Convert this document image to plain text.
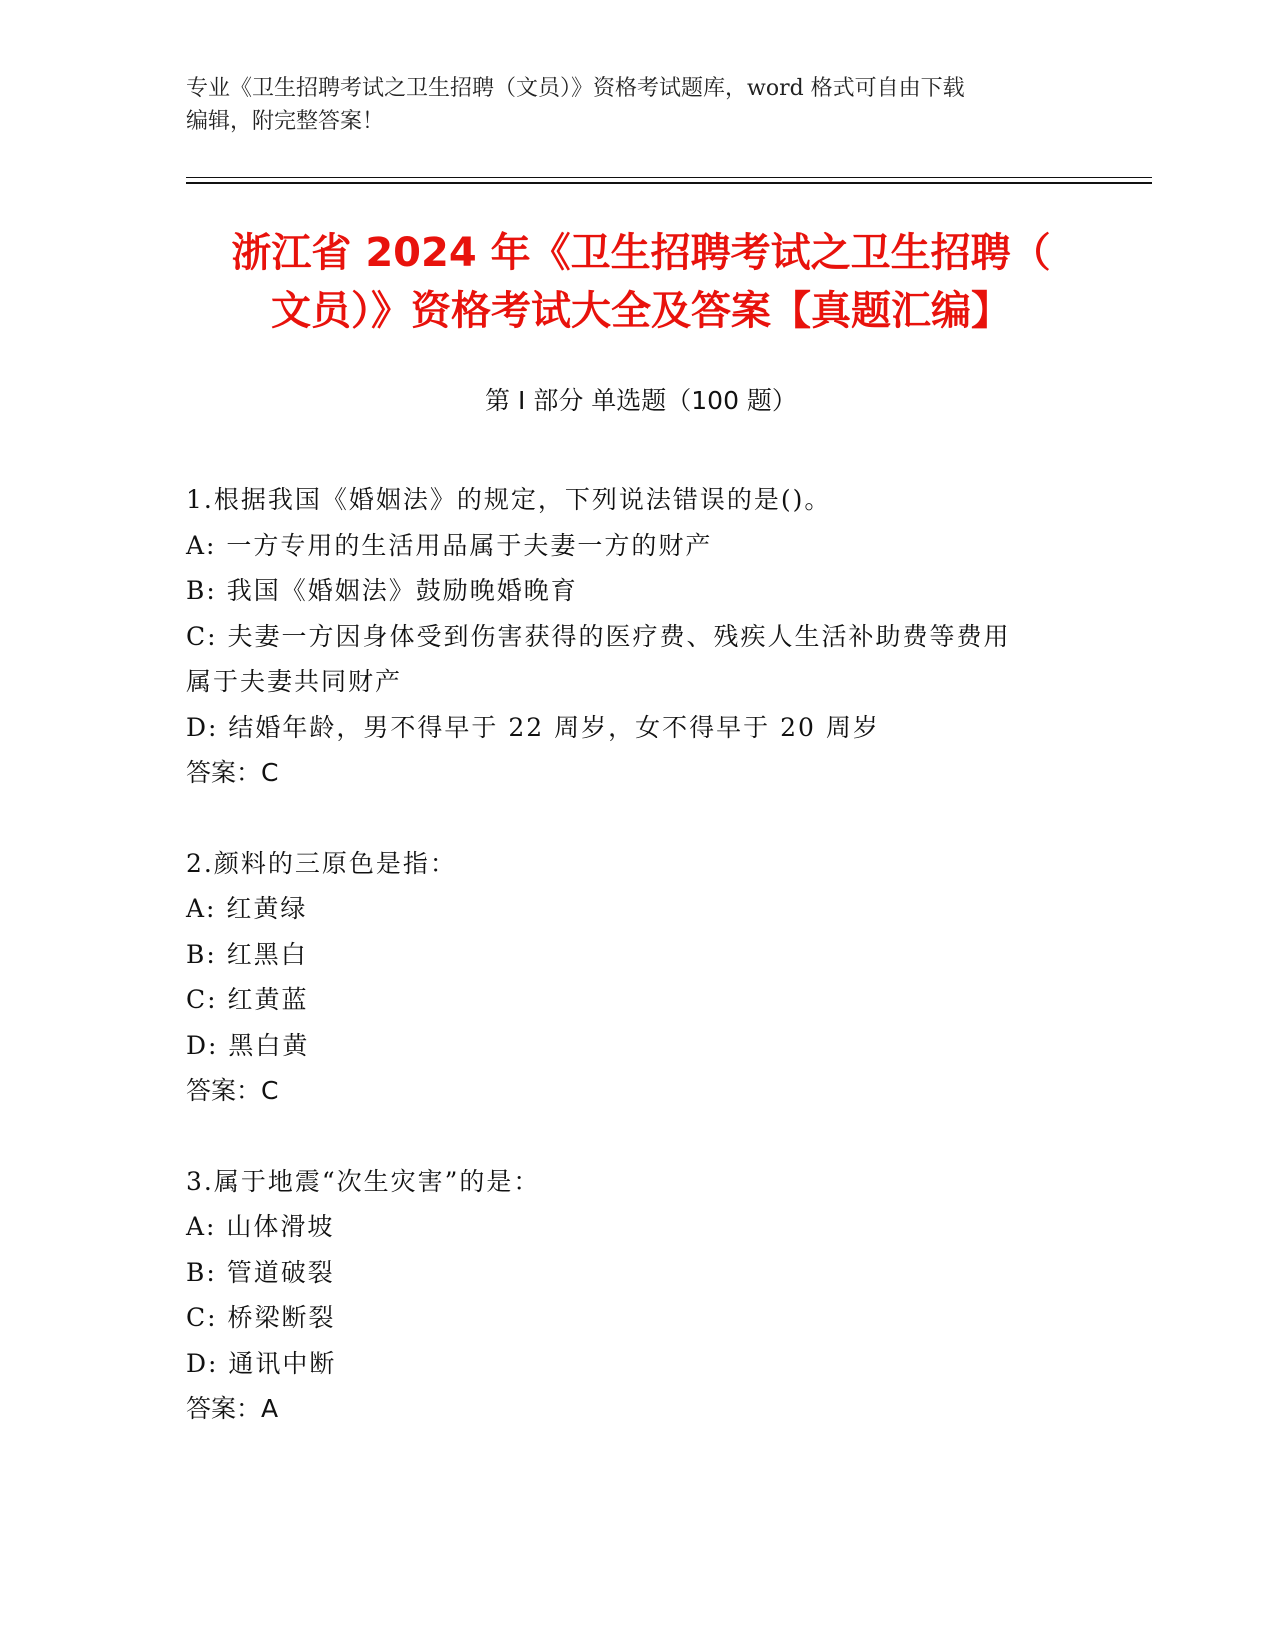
专业《卫生招聘考试之卫生招聘（文员）》资格考试题库，word 格式可自由下载
编辑，附完整答案！
浙江省 2024 年《卫生招聘考试之卫生招聘（
文员）》资格考试大全及答案【真题汇编】
第 I 部分 单选题（100 题）
1.根据我国《婚姻法》的规定，下列说法错误的是()。
A: 一方专用的生活用品属于夫妻一方的财产
B: 我国《婚姻法》鼓励晚婚晚育
C: 夫妻一方因身体受到伤害获得的医疗费、残疾人生活补助费等费用
属于夫妻共同财产
D: 结婚年龄，男不得早于 22 周岁，女不得早于 20 周岁
答案：C
2.颜料的三原色是指：
A: 红黄绿
B: 红黑白
C: 红黄蓝
D: 黑白黄
答案：C
3.属于地震“次生灾害”的是：
A: 山体滑坡
B: 管道破裂
C: 桥梁断裂
D: 通讯中断
答案：A
